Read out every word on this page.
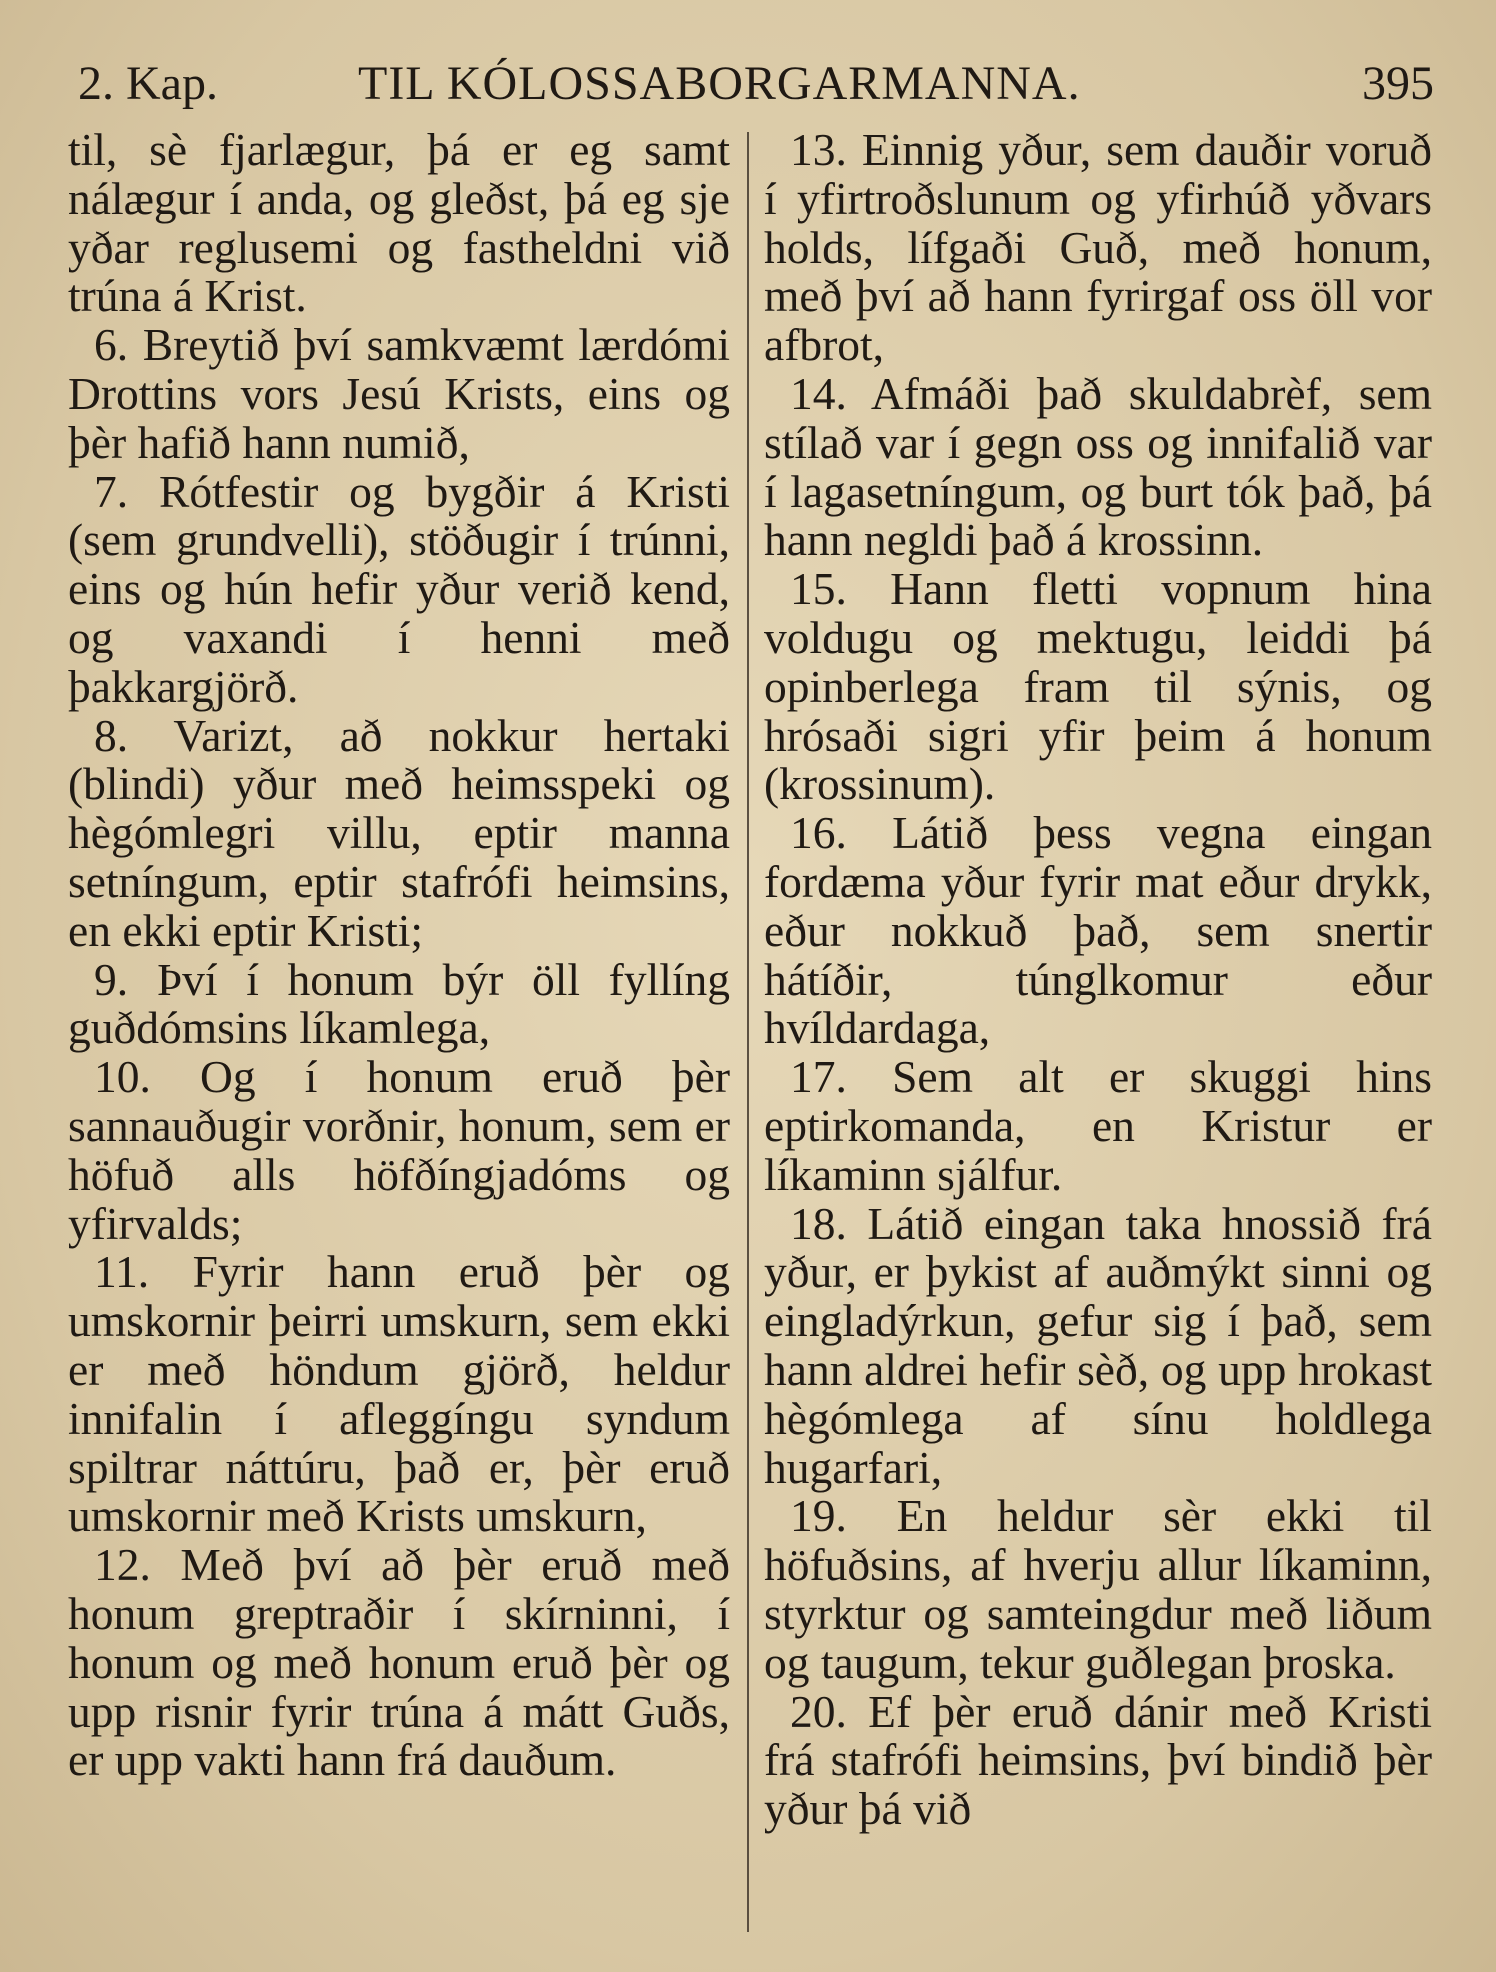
2. Kap.	TIL KÓLOSSABORGARMANNA.	395

til, sè fjarlægur, þá er eg samt nálægur í anda, og gleðst, þá eg sje yðar reglusemi og fastheldni við trúna á Krist.

6. Breytið því samkvæmt lærdómi Drottins vors Jesú Krists, eins og þèr hafið hann numið,

7. Rótfestir og bygðir á Kristi (sem grundvelli), stöðugir í trúnni, eins og hún hefir yður verið kend, og vaxandi í henni með þakkargjörð.

8. Varizt, að nokkur hertaki (blindi) yður með heimsspeki og hègómlegri villu, eptir manna setníngum, eptir stafrófi heimsins, en ekki eptir Kristi;

9. Því í honum býr öll fyllíng guðdómsins líkamlega,

10. Og í honum eruð þèr sannauðugir vorðnir, honum, sem er höfuð alls höfðíngjadóms og yfirvalds;

11. Fyrir hann eruð þèr og umskornir þeirri umskurn, sem ekki er með höndum gjörð, heldur innifalin í afleggíngu syndum spiltrar náttúru, það er, þèr eruð umskornir með Krists umskurn,

12. Með því að þèr eruð með honum greptraðir í skírninni, í honum og með honum eruð þèr og upp risnir fyrir trúna á mátt Guðs, er upp vakti hann frá dauðum.

13. Einnig yður, sem dauðir voruð í yfirtroðslunum og yfirhúð yðvars holds, lífgaði Guð, með honum, með því að hann fyrirgaf oss öll vor afbrot,

14. Afmáði það skuldabrèf, sem stílað var í gegn oss og innifalið var í lagasetníngum, og burt tók það, þá hann negldi það á krossinn.

15. Hann fletti vopnum hina voldugu og mektugu, leiddi þá opinberlega fram til sýnis, og hrósaði sigri yfir þeim á honum (krossinum).

16. Látið þess vegna eingan fordæma yður fyrir mat eður drykk, eður nokkuð það, sem snertir hátíðir, túnglkomur eður hvíldardaga,

17. Sem alt er skuggi hins eptirkomanda, en Kristur er líkaminn sjálfur.

18. Látið eingan taka hnossið frá yður, er þykist af auðmýkt sinni og eingladýrkun, gefur sig í það, sem hann aldrei hefir sèð, og upp hrokast hègómlega af sínu holdlega hugarfari,

19. En heldur sèr ekki til höfuðsins, af hverju allur líkaminn, styrktur og samteingdur með liðum og taugum, tekur guðlegan þroska.

20. Ef þèr eruð dánir með Kristi frá stafrófi heimsins, því bindið þèr yður þá við
